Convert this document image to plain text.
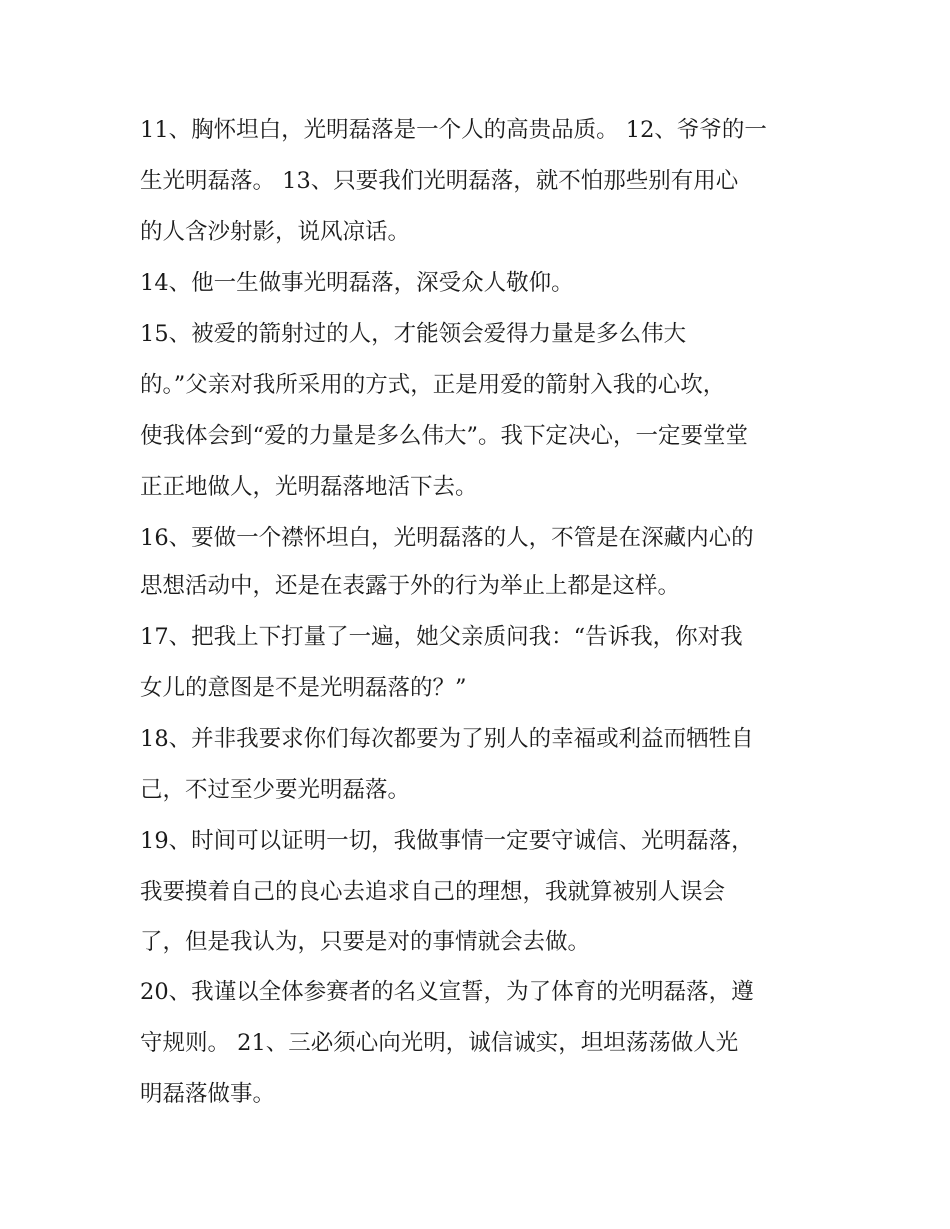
11、胸怀坦白，光明磊落是一个人的高贵品质。 12、爷爷的一
生光明磊落。 13、只要我们光明磊落，就不怕那些别有用心
的人含沙射影，说风凉话。
14、他一生做事光明磊落，深受众人敬仰。
15、被爱的箭射过的人，才能领会爱得力量是多么伟大
的。”父亲对我所采用的方式，正是用爱的箭射入我的心坎，
使我体会到“爱的力量是多么伟大”。我下定决心，一定要堂堂
正正地做人，光明磊落地活下去。
16、要做一个襟怀坦白，光明磊落的人，不管是在深藏内心的
思想活动中，还是在表露于外的行为举止上都是这样。
17、把我上下打量了一遍，她父亲质问我：“告诉我，你对我
女儿的意图是不是光明磊落的？”
18、并非我要求你们每次都要为了别人的幸福或利益而牺牲自
己，不过至少要光明磊落。
19、时间可以证明一切，我做事情一定要守诚信、光明磊落，
我要摸着自己的良心去追求自己的理想，我就算被别人误会
了，但是我认为，只要是对的事情就会去做。
20、我谨以全体参赛者的名义宣誓，为了体育的光明磊落，遵
守规则。 21、三必须心向光明，诚信诚实，坦坦荡荡做人光
明磊落做事。
